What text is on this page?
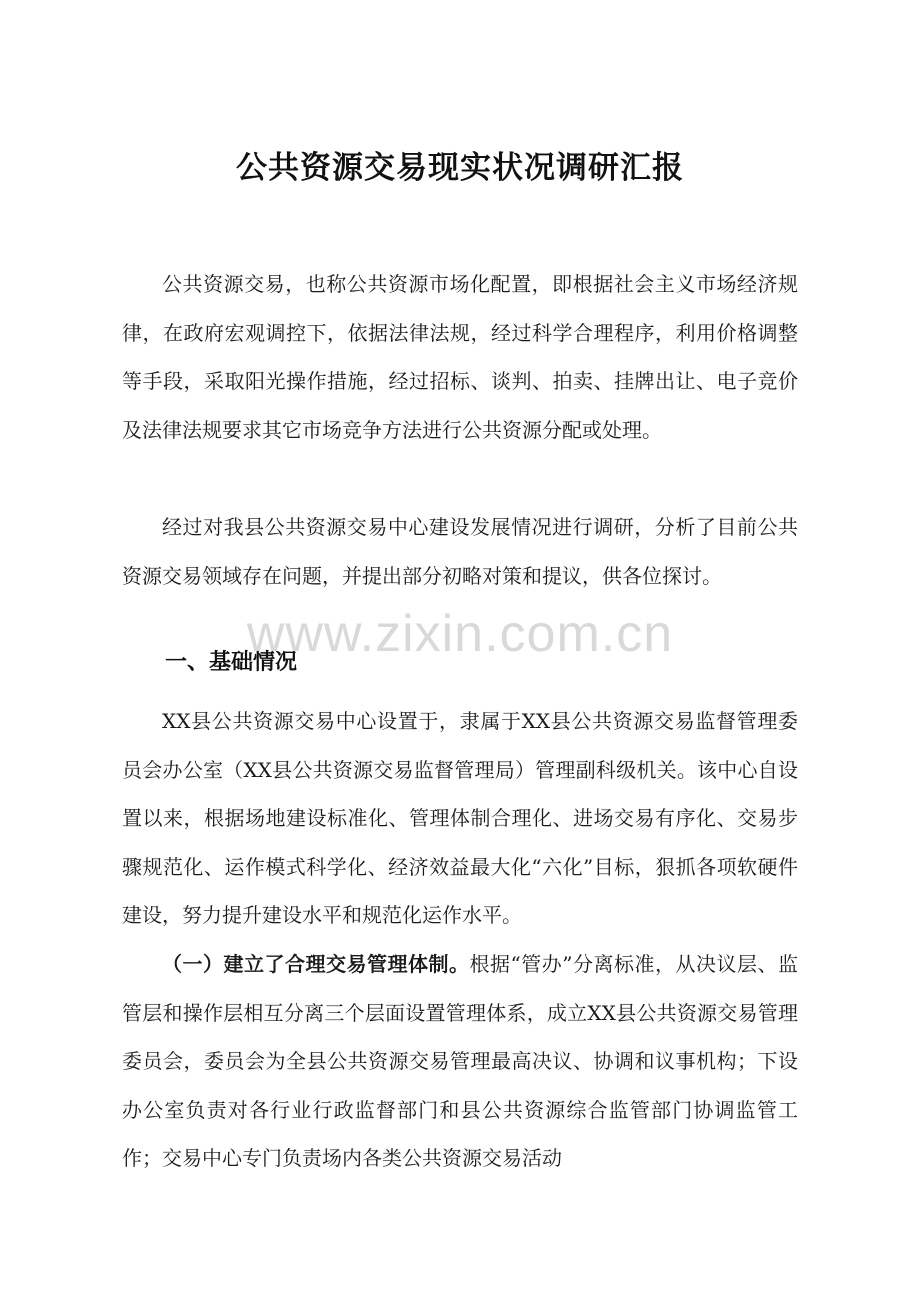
公共资源交易现实状况调研汇报

公共资源交易，也称公共资源市场化配置，即根据社会主义市场经济规律，在政府宏观调控下，依据法律法规，经过科学合理程序，利用价格调整等手段，采取阳光操作措施，经过招标、谈判、拍卖、挂牌出让、电子竞价及法律法规要求其它市场竞争方法进行公共资源分配或处理。

经过对我县公共资源交易中心建设发展情况进行调研，分析了目前公共资源交易领域存在问题，并提出部分初略对策和提议，供各位探讨。

一、基础情况

XX县公共资源交易中心设置于，隶属于XX县公共资源交易监督管理委员会办公室（XX县公共资源交易监督管理局）管理副科级机关。该中心自设置以来，根据场地建设标准化、管理体制合理化、进场交易有序化、交易步骤规范化、运作模式科学化、经济效益最大化“六化”目标，狠抓各项软硬件建设，努力提升建设水平和规范化运作水平。

（一）建立了合理交易管理体制。根据“管办”分离标准，从决议层、监管层和操作层相互分离三个层面设置管理体系，成立XX县公共资源交易管理委员会，委员会为全县公共资源交易管理最高决议、协调和议事机构；下设办公室负责对各行业行政监督部门和县公共资源综合监管部门协调监管工作；交易中心专门负责场内各类公共资源交易活动

www.zixin.com.cn
